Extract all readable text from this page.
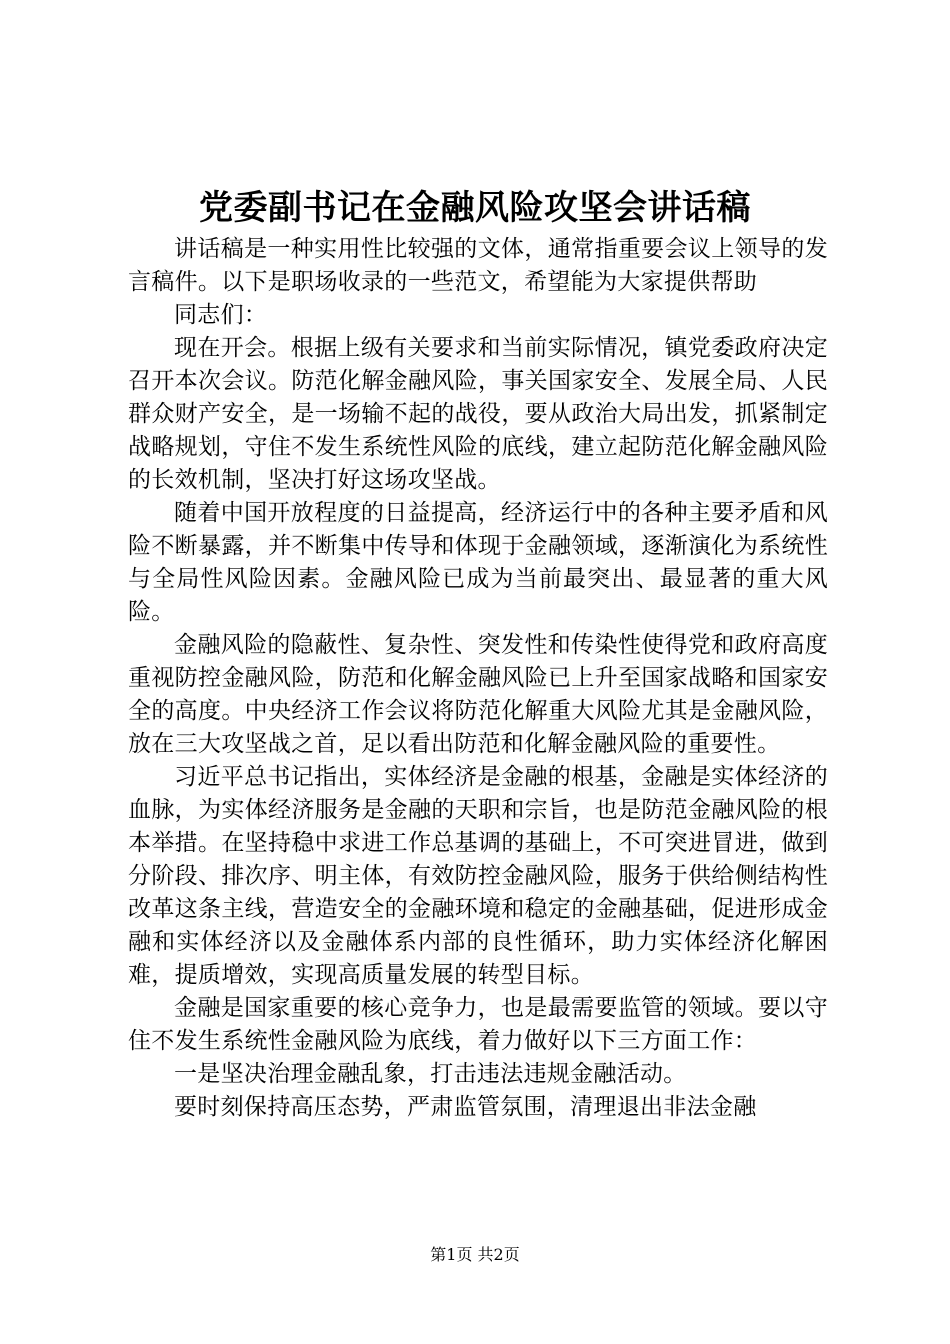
党委副书记在金融风险攻坚会讲话稿

讲话稿是一种实用性比较强的文体，通常指重要会议上领导的发言稿件。以下是职场收录的一些范文，希望能为大家提供帮助

同志们：

现在开会。根据上级有关要求和当前实际情况，镇党委政府决定召开本次会议。防范化解金融风险，事关国家安全、发展全局、人民群众财产安全，是一场输不起的战役，要从政治大局出发，抓紧制定战略规划，守住不发生系统性风险的底线，建立起防范化解金融风险的长效机制，坚决打好这场攻坚战。

随着中国开放程度的日益提高，经济运行中的各种主要矛盾和风险不断暴露，并不断集中传导和体现于金融领域，逐渐演化为系统性与全局性风险因素。金融风险已成为当前最突出、最显著的重大风险。

金融风险的隐蔽性、复杂性、突发性和传染性使得党和政府高度重视防控金融风险，防范和化解金融风险已上升至国家战略和国家安全的高度。中央经济工作会议将防范化解重大风险尤其是金融风险，放在三大攻坚战之首，足以看出防范和化解金融风险的重要性。

习近平总书记指出，实体经济是金融的根基，金融是实体经济的血脉，为实体经济服务是金融的天职和宗旨，也是防范金融风险的根本举措。在坚持稳中求进工作总基调的基础上，不可突进冒进，做到分阶段、排次序、明主体，有效防控金融风险，服务于供给侧结构性改革这条主线，营造安全的金融环境和稳定的金融基础，促进形成金融和实体经济以及金融体系内部的良性循环，助力实体经济化解困难，提质增效，实现高质量发展的转型目标。

金融是国家重要的核心竞争力，也是最需要监管的领域。要以守住不发生系统性金融风险为底线，着力做好以下三方面工作：

一是坚决治理金融乱象，打击违法违规金融活动。

要时刻保持高压态势，严肃监管氛围，清理退出非法金融

第1页 共2页
